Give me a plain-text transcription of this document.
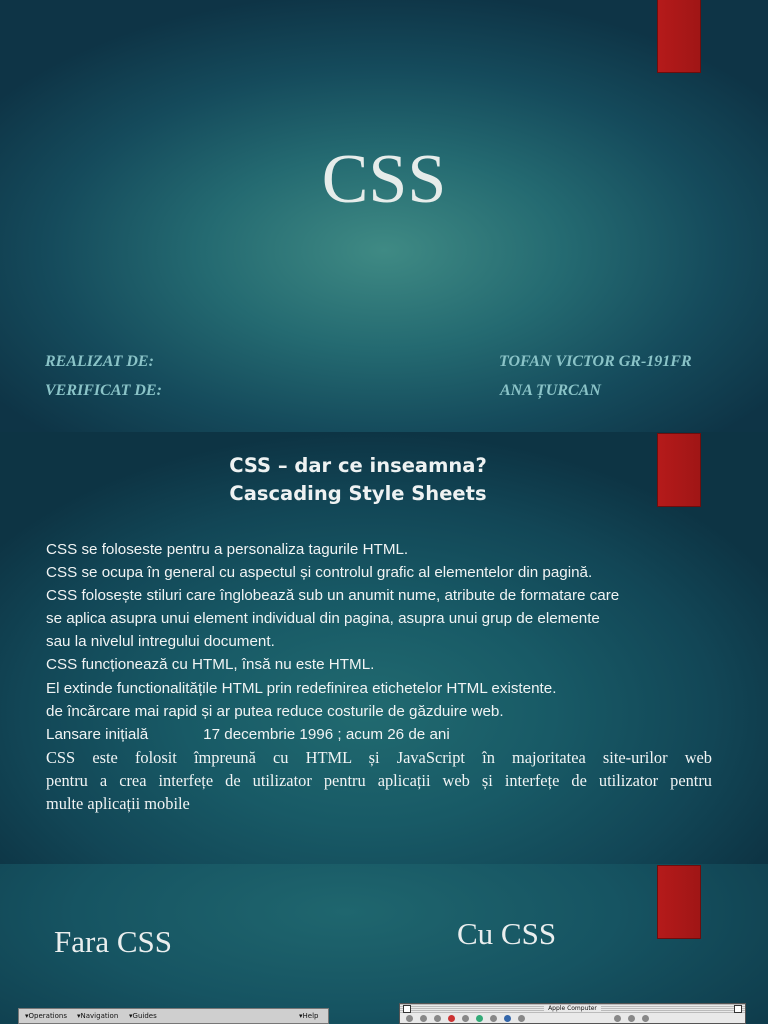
CSS
REALIZAT DE:	TOFAN VICTOR GR-191FR
VERIFICAT DE:	ANA ȚURCAN
CSS – dar ce inseamna?
Cascading Style Sheets
CSS se foloseste pentru a personaliza tagurile HTML.
CSS se ocupa în general cu aspectul și controlul grafic al elementelor din pagină.
CSS folosește stiluri care înglobează sub un anumit nume, atribute de formatare care
se aplica asupra unui element individual din pagina, asupra unui grup de elemente
sau la nivelul intregului document.
CSS funcționează cu HTML, însă nu este HTML.
El extinde functionalitățile HTML prin redefinirea etichetelor HTML existente.
de încărcare mai rapid și ar putea reduce costurile de găzduire web.
Lansare inițială	17 decembrie 1996 ; acum 26 de ani
CSS este folosit împreună cu HTML și JavaScript în majoritatea site-urilor web
pentru a crea interfețe de utilizator pentru aplicații web și interfețe de utilizator pentru
multe aplicații mobile
Fara CSS	Cu CSS
▾Operations ▾Navigation ▾Guides	▾Help
Apple Computer
